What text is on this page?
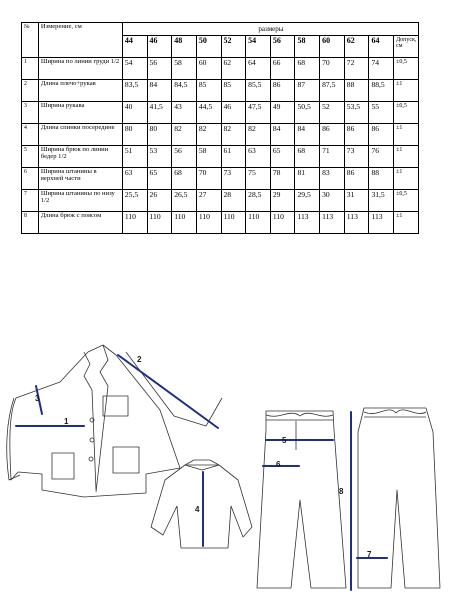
№	Измерение, см	размеры											
		44	46	48	50	52	54	56	58	60	62	64	Допуск, см
1	Ширина по линии груди 1/2	54	56	58	60	62	64	66	68	70	72	74	±0,5
2	Длина плечо+рукав	83,5	84	84,5	85	85	85,5	86	87	87,5	88	88,5	±1
3	Ширина рукава	40	41,5	43	44,5	46	47,5	49	50,5	52	53,5	55	±0,5
4	Длина спинки посередине	80	80	82	82	82	82	84	84	86	86	86	±1
5	Ширина брюк по линии бедер 1/2	51	53	56	58	61	63	65	68	71	73	76	±1
6	Ширина штанины в верхней части	63	65	68	70	73	75	78	81	83	86	88	±1
7	Ширина штанины по низу 1/2	25,5	26	26,5	27	28	28,5	29	29,5	30	31	31,5	±0,5
8	Длина брюк с поясом	110	110	110	110	110	110	110	113	113	113	113	±1
1
2
3
4
5
6
7
8
